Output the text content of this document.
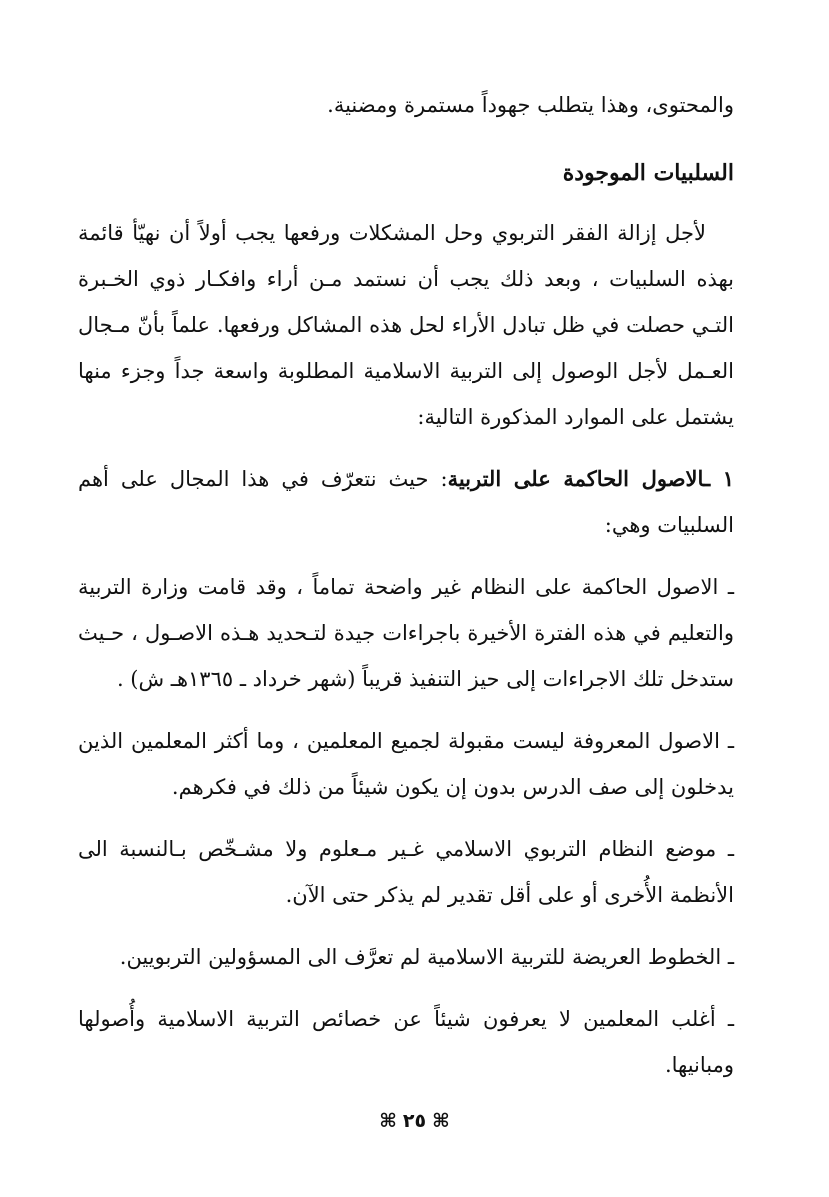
والمحتوى، وهذا يتطلب جهوداً مستمرة ومضنية.

السلبيات الموجودة

لأجل إزالة الفقر التربوي وحل المشكلات ورفعها يجب أولاً أن نهيّأ قائمة بهذه السلبيات ، وبعد ذلك يجب أن نستمد مـن أراء وافكـار ذوي الخـبرة التـي حصلت في ظل تبادل الأراء لحل هذه المشاكل ورفعها. علماً بأنّ مـجال العـمل لأجل الوصول إلى التربية الاسلامية المطلوبة واسعة جداً وجزء منها يشتمل على الموارد المذكورة التالية:

١ ـالاصول الحاكمة على التربية: حيث نتعرّف في هذا المجال على أهم السلبيات وهي:

ـ الاصول الحاكمة على النظام غير واضحة تماماً ، وقد قامت وزارة التربية والتعليم في هذه الفترة الأخيرة باجراءات جيدة لتـحديد هـذه الاصـول ، حـيث ستدخل تلك الاجراءات إلى حيز التنفيذ قريباً (شهر خرداد ـ ١٣٦٥هـ ش) .

ـ الاصول المعروفة ليست مقبولة لجميع المعلمين ، وما أكثر المعلمين الذين يدخلون إلى صف الدرس بدون إن يكون شيئاً من ذلك في فكرهم.

ـ موضع النظام التربوي الاسلامي غـير مـعلوم ولا مشـخّص بـالنسبة الى الأنظمة الأُخرى أو على أقل تقدير لم يذكر حتى الآن.

ـ الخطوط العريضة للتربية الاسلامية لم تعرَّف الى المسؤولين التربويين.

ـ أغلب المعلمين لا يعرفون شيئاً عن خصائص التربية الاسلامية وأُصولها ومبانيها.

⌘٢٥⌘
